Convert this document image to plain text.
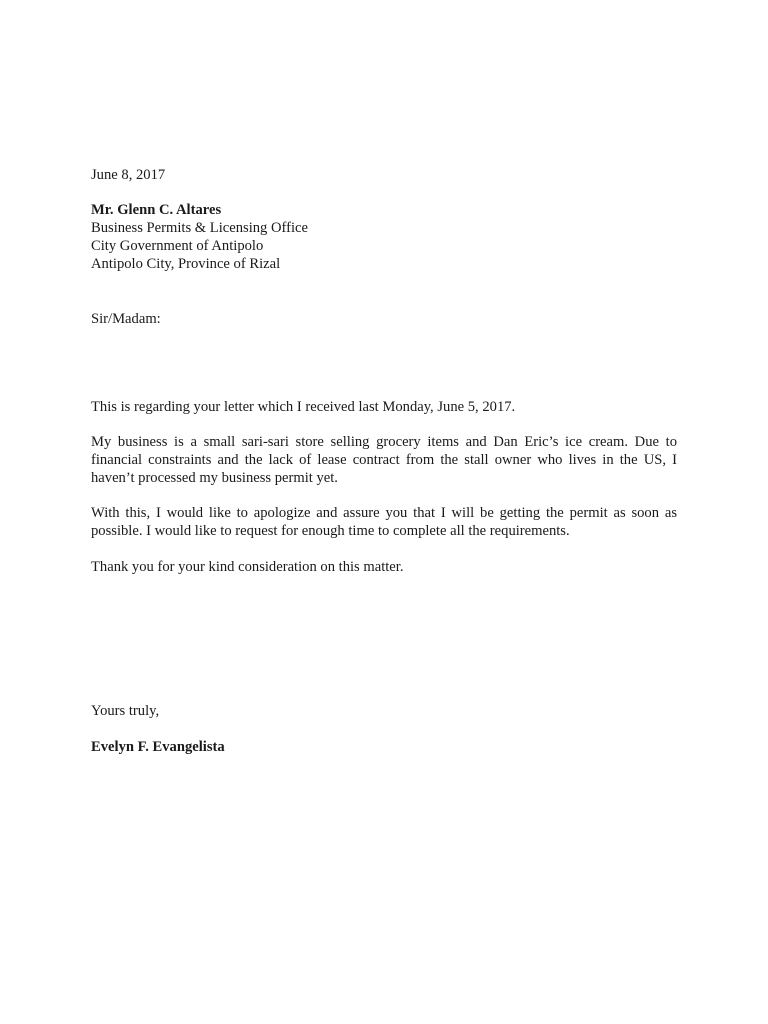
June 8, 2017
Mr. Glenn C. Altares
Business Permits & Licensing Office
City Government of Antipolo
Antipolo City, Province of Rizal
Sir/Madam:
This is regarding your letter which I received last Monday, June 5, 2017.
My business is a small sari-sari store selling grocery items and Dan Eric’s ice cream. Due to financial constraints and the lack of lease contract from the stall owner who lives in the US, I haven’t processed my business permit yet.
With this, I would like to apologize and assure you that I will be getting the permit as soon as possible. I would like to request for enough time to complete all the requirements.
Thank you for your kind consideration on this matter.
Yours truly,
Evelyn F. Evangelista
